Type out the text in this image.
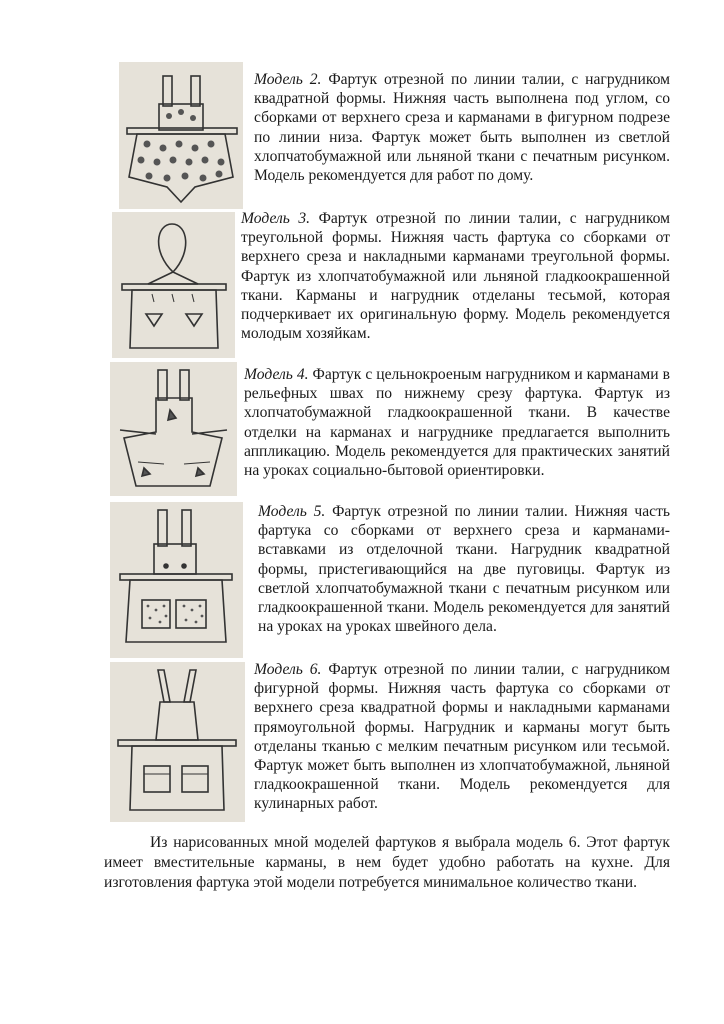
Модель 2. Фартук отрезной по линии талии, с нагрудником квадратной формы. Нижняя часть выполнена под углом, со сборками от верхнего среза и карманами в фигурном подрезе по линии низа. Фартук может быть выполнен из светлой хлопчатобумажной или льняной ткани с печатным рисунком. Модель рекомендуется для работ по дому.

Модель 3. Фартук отрезной по линии талии, с нагрудником треугольной формы. Нижняя часть фартука со сборками от верхнего среза и накладными карманами треугольной формы. Фартук из хлопчатобумажной или льняной гладкоокрашенной ткани. Карманы и нагрудник отделаны тесьмой, которая подчеркивает их оригинальную форму. Модель рекомендуется молодым хозяйкам.

Модель 4. Фартук с цельнокроеным нагрудником и карманами в рельефных швах по нижнему срезу фартука. Фартук из хлопчатобумажной гладкоокрашенной ткани. В качестве отделки на карманах и нагруднике предлагается выполнить аппликацию. Модель рекомендуется для практических занятий на уроках социально-бытовой ориентировки.

Модель 5. Фартук отрезной по линии талии. Нижняя часть фартука со сборками от верхнего среза и карманами-вставками из отделочной ткани. Нагрудник квадратной формы, пристегивающийся на две пуговицы. Фартук из светлой хлопчатобумажной ткани с печатным рисунком или гладкоокрашенной ткани. Модель рекомендуется для занятий на уроках на уроках швейного дела.

Модель 6. Фартук отрезной по линии талии, с нагрудником фигурной формы. Нижняя часть фартука со сборками от верхнего среза квадратной формы и накладными карманами прямоугольной формы. Нагрудник и карманы могут быть отделаны тканью с мелким печатным рисунком или тесьмой. Фартук может быть выполнен из хлопчатобумажной, льняной гладкоокрашенной ткани. Модель рекомендуется для кулинарных работ.

Из нарисованных мной моделей фартуков я выбрала модель 6. Этот фартук имеет вместительные карманы, в нем будет удобно работать на кухне. Для изготовления фартука этой модели потребуется минимальное количество ткани.
